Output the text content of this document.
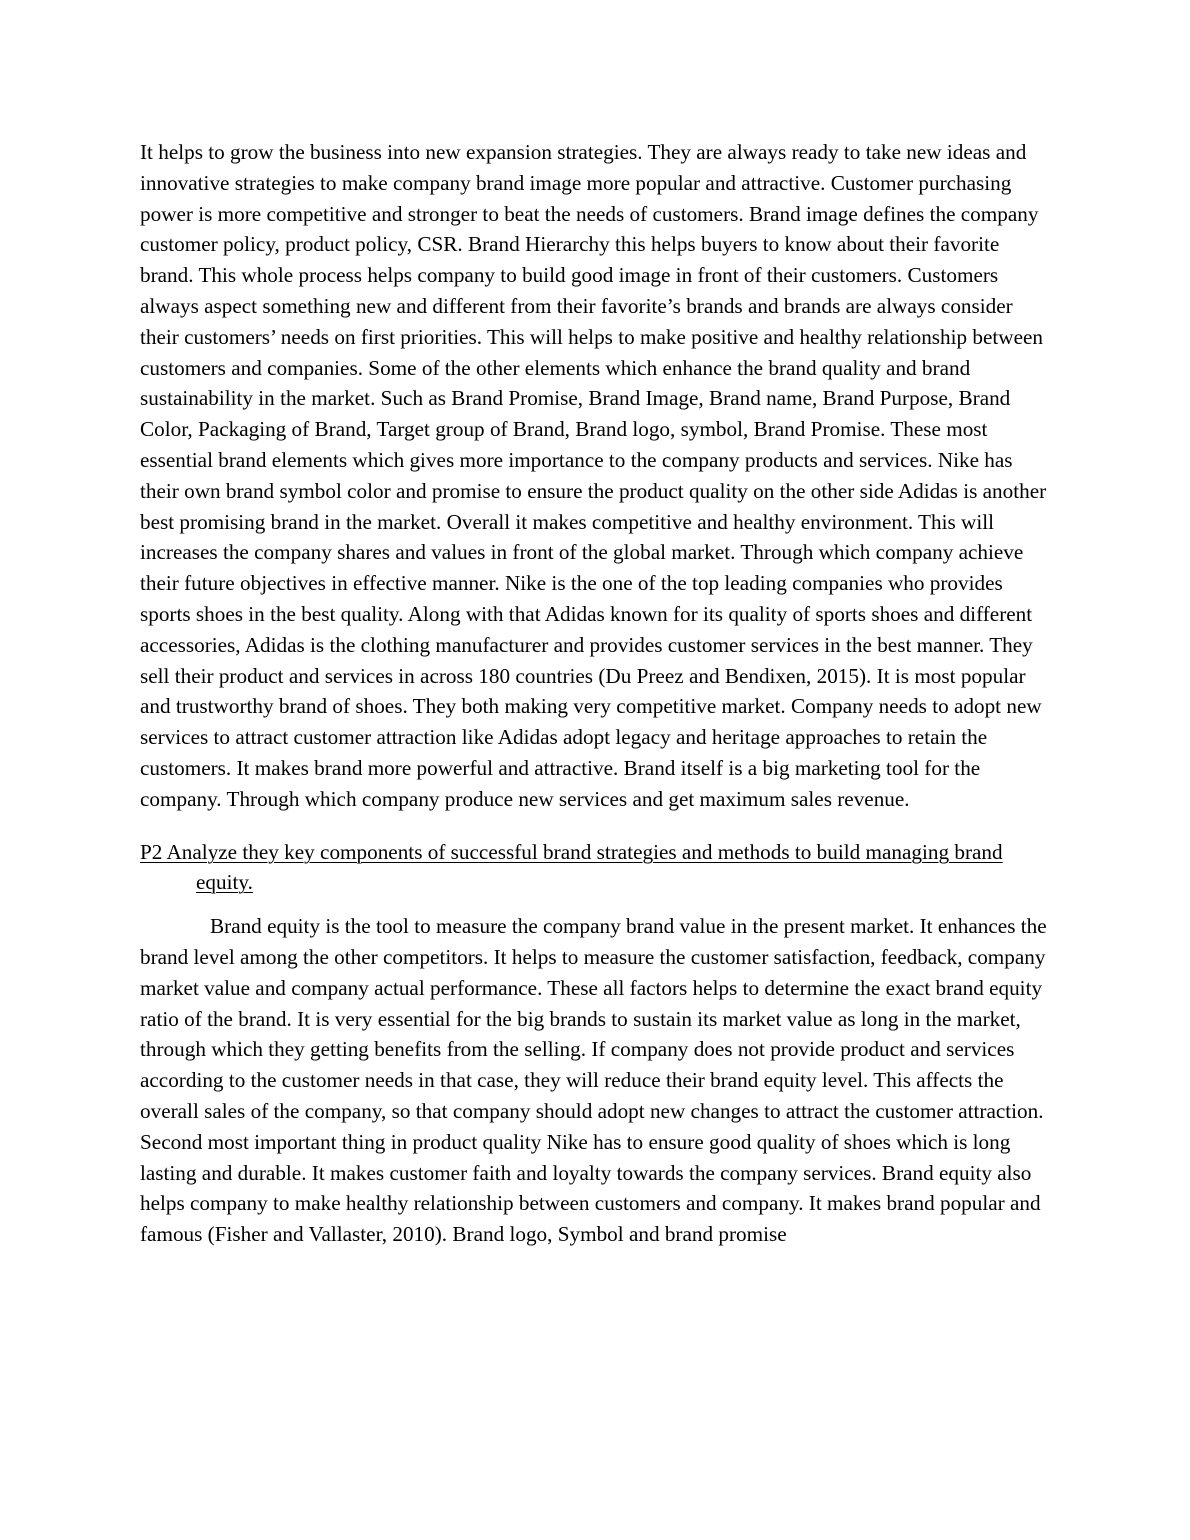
It helps to grow the business into new expansion strategies. They are always ready to take new ideas and innovative strategies to make company brand image more popular and attractive. Customer purchasing power is more competitive and stronger to beat the needs of customers. Brand image defines the company customer policy, product policy, CSR. Brand Hierarchy this helps buyers to know about their favorite brand. This whole process helps company to build good image in front of their customers. Customers always aspect something new and different from their favorite’s brands and brands are always consider their customers’ needs on first priorities. This will helps to make positive and healthy relationship between customers and companies. Some of the other elements which enhance the brand quality and brand sustainability in the market. Such as Brand Promise, Brand Image, Brand name, Brand Purpose, Brand Color, Packaging of Brand, Target group of Brand, Brand logo, symbol, Brand Promise. These most essential brand elements which gives more importance to the company products and services. Nike has their own brand symbol color and promise to ensure the product quality on the other side Adidas is another best promising brand in the market. Overall it makes competitive and healthy environment. This will increases the company shares and values in front of the global market. Through which company achieve their future objectives in effective manner. Nike is the one of the top leading companies who provides sports shoes in the best quality. Along with that Adidas known for its quality of sports shoes and different accessories, Adidas is the clothing manufacturer and provides customer services in the best manner. They sell their product and services in across 180 countries (Du Preez and Bendixen, 2015). It is most popular and trustworthy brand of shoes. They both making very competitive market. Company needs to adopt new services to attract customer attraction like Adidas adopt legacy and heritage approaches to retain the customers. It makes brand more powerful and attractive. Brand itself is a big marketing tool for the company. Through which company produce new services and get maximum sales revenue.

P2 Analyze they key components of successful brand strategies and methods to build managing brand equity.

Brand equity is the tool to measure the company brand value in the present market. It enhances the brand level among the other competitors. It helps to measure the customer satisfaction, feedback, company market value and company actual performance. These all factors helps to determine the exact brand equity ratio of the brand. It is very essential for the big brands to sustain its market value as long in the market, through which they getting benefits from the selling. If company does not provide product and services according to the customer needs in that case, they will reduce their brand equity level. This affects the overall sales of the company, so that company should adopt new changes to attract the customer attraction. Second most important thing in product quality Nike has to ensure good quality of shoes which is long lasting and durable. It makes customer faith and loyalty towards the company services. Brand equity also helps company to make healthy relationship between customers and company. It makes brand popular and famous (Fisher and Vallaster, 2010). Brand logo, Symbol and brand promise
